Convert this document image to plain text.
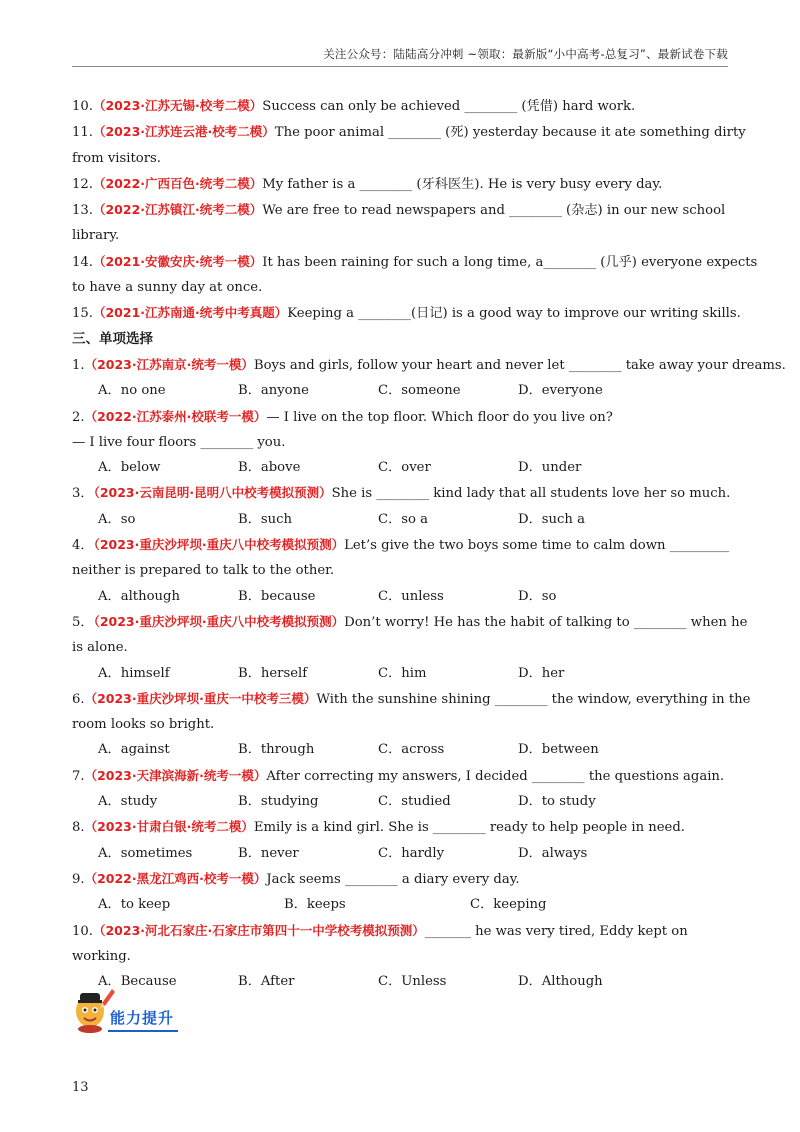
关注公众号：陆陆高分冲刺 ~领取：最新版“小中高考-总复习”、最新试卷下载
10.（2023·江苏无锡·校考二模）Success can only be achieved ________ (凭借) hard work.
11.（2023·江苏连云港·校考二模）The poor animal ________ (死) yesterday because it ate something dirty
from visitors.
12.（2022·广西百色·统考二模）My father is a ________ (牙科医生). He is very busy every day.
13.（2022·江苏镇江·统考二模）We are free to read newspapers and ________ (杂志) in our new school
library.
14.（2021·安徽安庆·统考一模）It has been raining for such a long time, a________ (几乎) everyone expects
to have a sunny day at once.
15.（2021·江苏南通·统考中考真题）Keeping a ________(日记) is a good way to improve our writing skills.
三、单项选择
1.（2023·江苏南京·统考一模）Boys and girls, follow your heart and never let ________ take away your dreams.
A．no one	B．anyone	C．someone	D．everyone
2.（2022·江苏泰州·校联考一模）— I live on the top floor. Which floor do you live on?
— I live four floors ________ you.
A．below	B．above	C．over	D．under
3．（2023·云南昆明·昆明八中校考模拟预测）She is ________ kind lady that all students love her so much.
A．so	B．such	C．so a	D．such a
4．（2023·重庆沙坪坝·重庆八中校考模拟预测）Let’s give the two boys some time to calm down _________
neither is prepared to talk to the other.
A．although	B．because	C．unless	D．so
5．（2023·重庆沙坪坝·重庆八中校考模拟预测）Don’t worry! He has the habit of talking to ________ when he
is alone.
A．himself	B．herself	C．him	D．her
6.（2023·重庆沙坪坝·重庆一中校考三模）With the sunshine shining ________ the window, everything in the
room looks so bright.
A．against	B．through	C．across	D．between
7.（2023·天津滨海新·统考一模）After correcting my answers, I decided ________ the questions again.
A．study	B．studying	C．studied	D．to study
8.（2023·甘肃白银·统考二模）Emily is a kind girl. She is ________ ready to help people in need.
A．sometimes	B．never	C．hardly	D．always
9.（2022·黑龙江鸡西·校考一模）Jack seems ________ a diary every day.
A．to keep	B．keeps	C．keeping
10.（2023·河北石家庄·石家庄市第四十一中学校考模拟预测）_______ he was very tired, Eddy kept on
working.
A．Because	B．After	C．Unless	D．Although
能力提升
13
